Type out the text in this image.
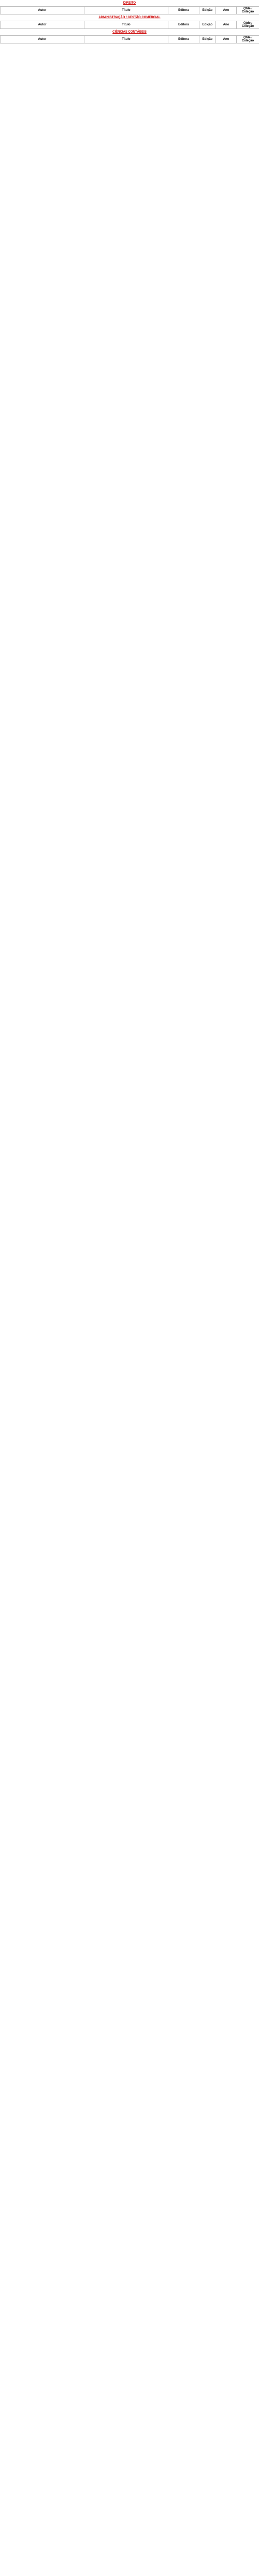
DIREITO
Autor	Título	Editora	Edição	Ano	Qtde / Coleção
ADMINISTRAÇÃO / GESTÃO COMERCIAL
Autor	Título	Editora	Edição	Ano	Qtde / Coleção
CIÊNCIAS CONTÁBEIS
Autor	Título	Editora	Edição	Ano	Qtde / Coleção
